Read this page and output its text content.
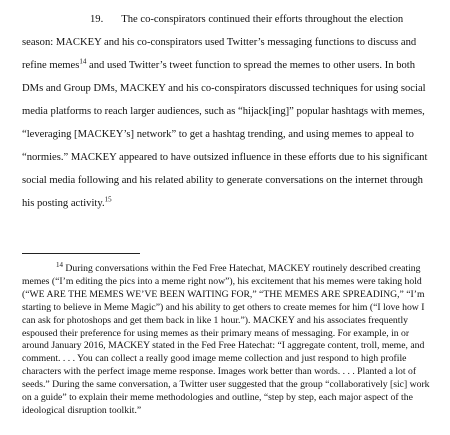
19. The co-conspirators continued their efforts throughout the election season: MACKEY and his co-conspirators used Twitter’s messaging functions to discuss and refine memes$^{14}$ and used Twitter’s tweet function to spread the memes to other users. In both DMs and Group DMs, MACKEY and his co-conspirators discussed techniques for using social media platforms to reach larger audiences, such as “hijack[ing]” popular hashtags with memes, “leveraging [MACKEY’s] network” to get a hashtag trending, and using memes to appeal to “normies.” MACKEY appeared to have outsized influence in these efforts due to his significant social media following and his related ability to generate conversations on the internet through his posting activity.$^{15}$

$^{14}$ During conversations within the Fed Free Hatechat, MACKEY routinely described creating memes (“I’m editing the pics into a meme right now”), his excitement that his memes were taking hold (“WE ARE THE MEMES WE’VE BEEN WAITING FOR,” “THE MEMES ARE SPREADING,” “I’m starting to believe in Meme Magic”) and his ability to get others to create memes for him (“I love how I can ask for photoshops and get them back in like 1 hour.”). MACKEY and his associates frequently espoused their preference for using memes as their primary means of messaging. For example, in or around January 2016, MACKEY stated in the Fed Free Hatechat: “I aggregate content, troll, meme, and comment. . . . You can collect a really good image meme collection and just respond to high profile characters with the perfect image meme response. Images work better than words. . . . Planted a lot of seeds.” During the same conversation, a Twitter user suggested that the group “collaboratively [sic] work on a guide” to explain their meme methodologies and outline, “step by step, each major aspect of the ideological disruption toolkit.”
